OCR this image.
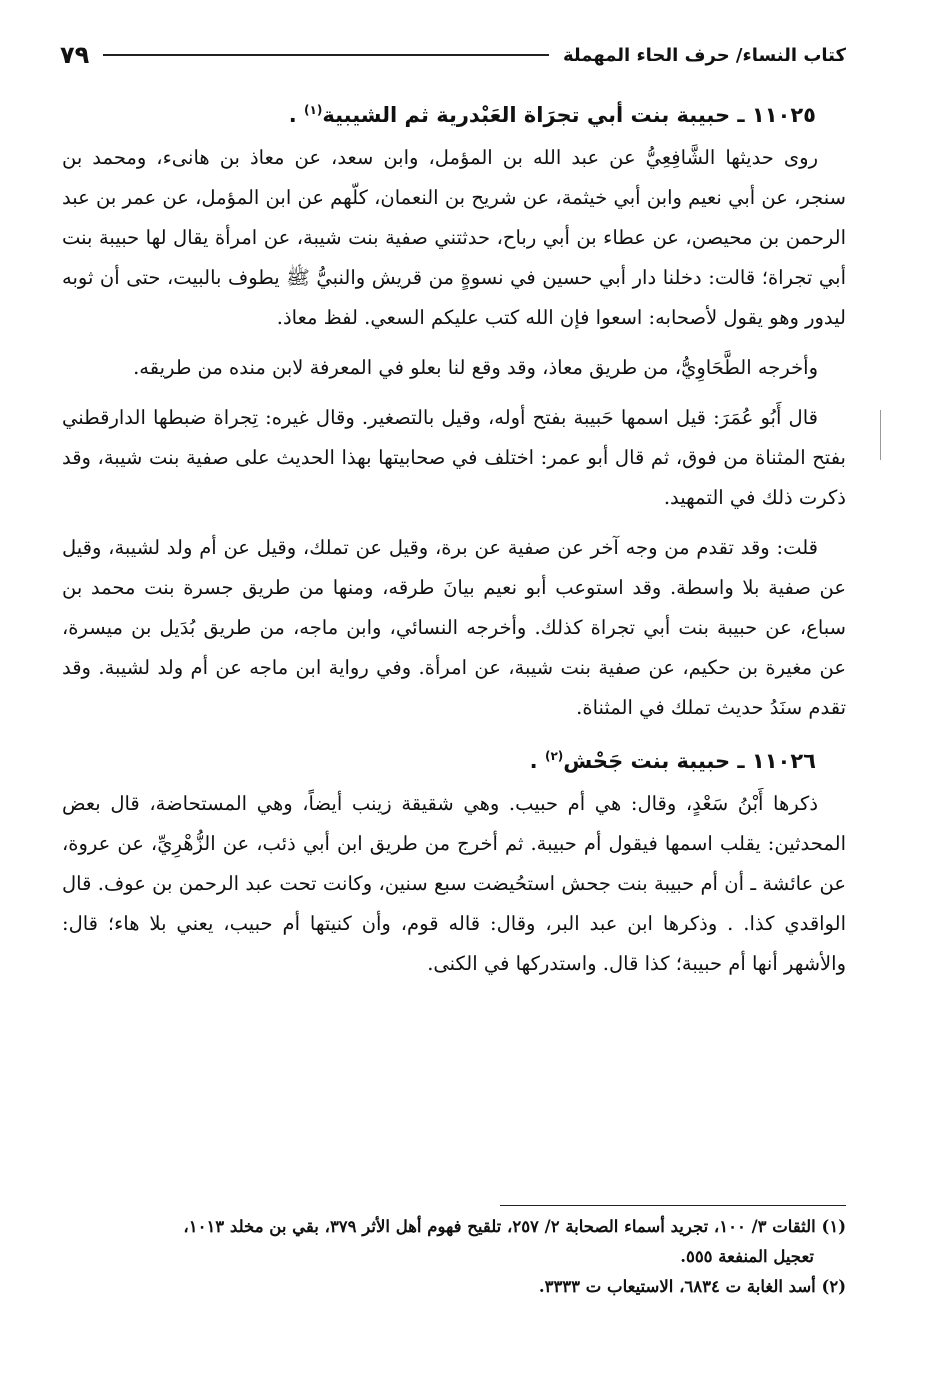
كتاب النساء/ حرف الحاء المهملة
٧٩

١١٠٢٥ ـ حبيبة بنت أبي تجرَاة العَبْدرية ثم الشيبية$^{(١)}$ .

روى حديثها الشَّافِعِيُّ عن عبد الله بن المؤمل، وابن سعد، عن معاذ بن هانىء، ومحمد بن سنجر، عن أبي نعيم وابن أبي خيثمة، عن شريح بن النعمان، كلّهم عن ابن المؤمل، عن عمر بن عبد الرحمن بن محيصن، عن عطاء بن أبي رباح، حدثتني صفية بنت شيبة، عن امرأة يقال لها حبيبة بنت أبي تجراة؛ قالت: دخلنا دار أبي حسين في نسوةٍ من قريش والنبيُّ ﷺ يطوف بالبيت، حتى أن ثوبه ليدور وهو يقول لأصحابه: اسعوا فإن الله كتب عليكم السعي. لفظ معاذ.

وأخرجه الطَّحَاوِيُّ، من طريق معاذ، وقد وقع لنا بعلو في المعرفة لابن منده من طريقه.

قال أَبُو عُمَرَ: قيل اسمها حَبيبة بفتح أوله، وقيل بالتصغير. وقال غيره: تِجراة ضبطها الدارقطني بفتح المثناة من فوق، ثم قال أبو عمر: اختلف في صحابيتها بهذا الحديث على صفية بنت شيبة، وقد ذكرت ذلك في التمهيد.

قلت: وقد تقدم من وجه آخر عن صفية عن برة، وقيل عن تملك، وقيل عن أم ولد لشيبة، وقيل عن صفية بلا واسطة. وقد استوعب أبو نعيم بيانَ طرقه، ومنها من طريق جسرة بنت محمد بن سباع، عن حبيبة بنت أبي تجراة كذلك. وأخرجه النسائي، وابن ماجه، من طريق بُدَيل بن ميسرة، عن مغيرة بن حكيم، عن صفية بنت شيبة، عن امرأة. وفي رواية ابن ماجه عن أم ولد لشيبة. وقد تقدم سنَدُ حديث تملك في المثناة.

١١٠٢٦ ـ حبيبة بنت جَحْش$^{(٢)}$ .

ذكرها أَبْنُ سَعْدٍ، وقال: هي أم حبيب. وهي شقيقة زينب أيضاً، وهي المستحاضة، قال بعض المحدثين: يقلب اسمها فيقول أم حبيبة. ثم أخرج من طريق ابن أبي ذئب، عن الزُّهْرِيِّ، عن عروة، عن عائشة ـ أن أم حبيبة بنت جحش استحُيضت سبع سنين، وكانت تحت عبد الرحمن بن عوف. قال الواقدي كذا. . وذكرها ابن عبد البر، وقال: قاله قوم، وأن كنيتها أم حبيب، يعني بلا هاء؛ قال: والأشهر أنها أم حبيبة؛ كذا قال. واستدركها في الكنى.

(١) الثقات ٣/ ١٠٠، تجريد أسماء الصحابة ٢/ ٢٥٧، تلقيح فهوم أهل الأثر ٣٧٩، بقي بن مخلد ١٠١٣،

تعجيل المنفعة ٥٥٥.

(٢) أسد الغابة ت ٦٨٣٤، الاستيعاب ت ٣٣٣٣.
